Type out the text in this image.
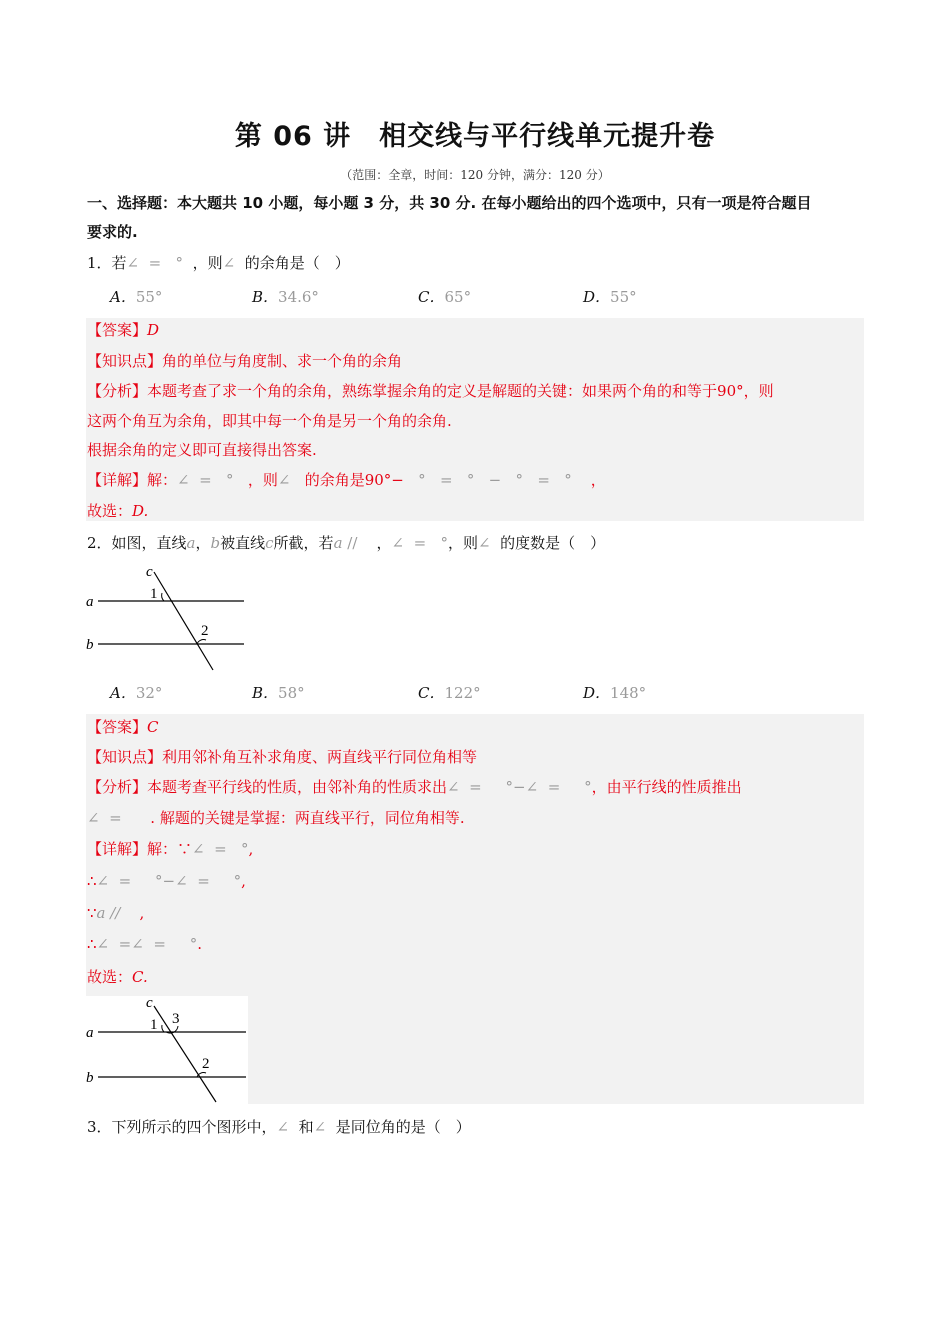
第 06 讲　相交线与平行线单元提升卷
（范围：全章，时间：120 分钟，满分：120 分）
一、选择题：本大题共 10 小题，每小题 3 分，共 30 分. 在每小题给出的四个选项中，只有一项是符合题目
要求的.
1．若∠  =   °  ，则∠  的余角是（　）
A．55°	B．34.6°	C．65°	D．55°
【答案】D
【知识点】角的单位与角度制、求一个角的余角
【分析】本题考查了求一个角的余角，熟练掌握余角的定义是解题的关键：如果两个角的和等于90°，则
这两个角互为余角，即其中每一个角是另一个角的余角.
根据余角的定义即可直接得出答案.
【详解】解：∠  =   °   ，则∠   的余角是90°−   °   =   °   −   °   =   °    ，
故选：D.
2．如图，直线a，b被直线c所截，若a //    ，∠  =   °，则∠  的度数是（　）
c
a
b
1
2
A．32°	B．58°	C．122°	D．148°
【答案】C
【知识点】利用邻补角互补求角度、两直线平行同位角相等
【分析】本题考查平行线的性质，由邻补角的性质求出∠  =     °−∠  =     °，由平行线的性质推出
∠  =      . 解题的关键是掌握：两直线平行，同位角相等.
【详解】解：∵∠  =   °,
∴∠  =     °−∠  =     °,
∵a //    ,
∴∠  =∠  =     °.
故选：C.
c
a
b
1 3
2
3．下列所示的四个图形中，∠  和∠  是同位角的是（　）
